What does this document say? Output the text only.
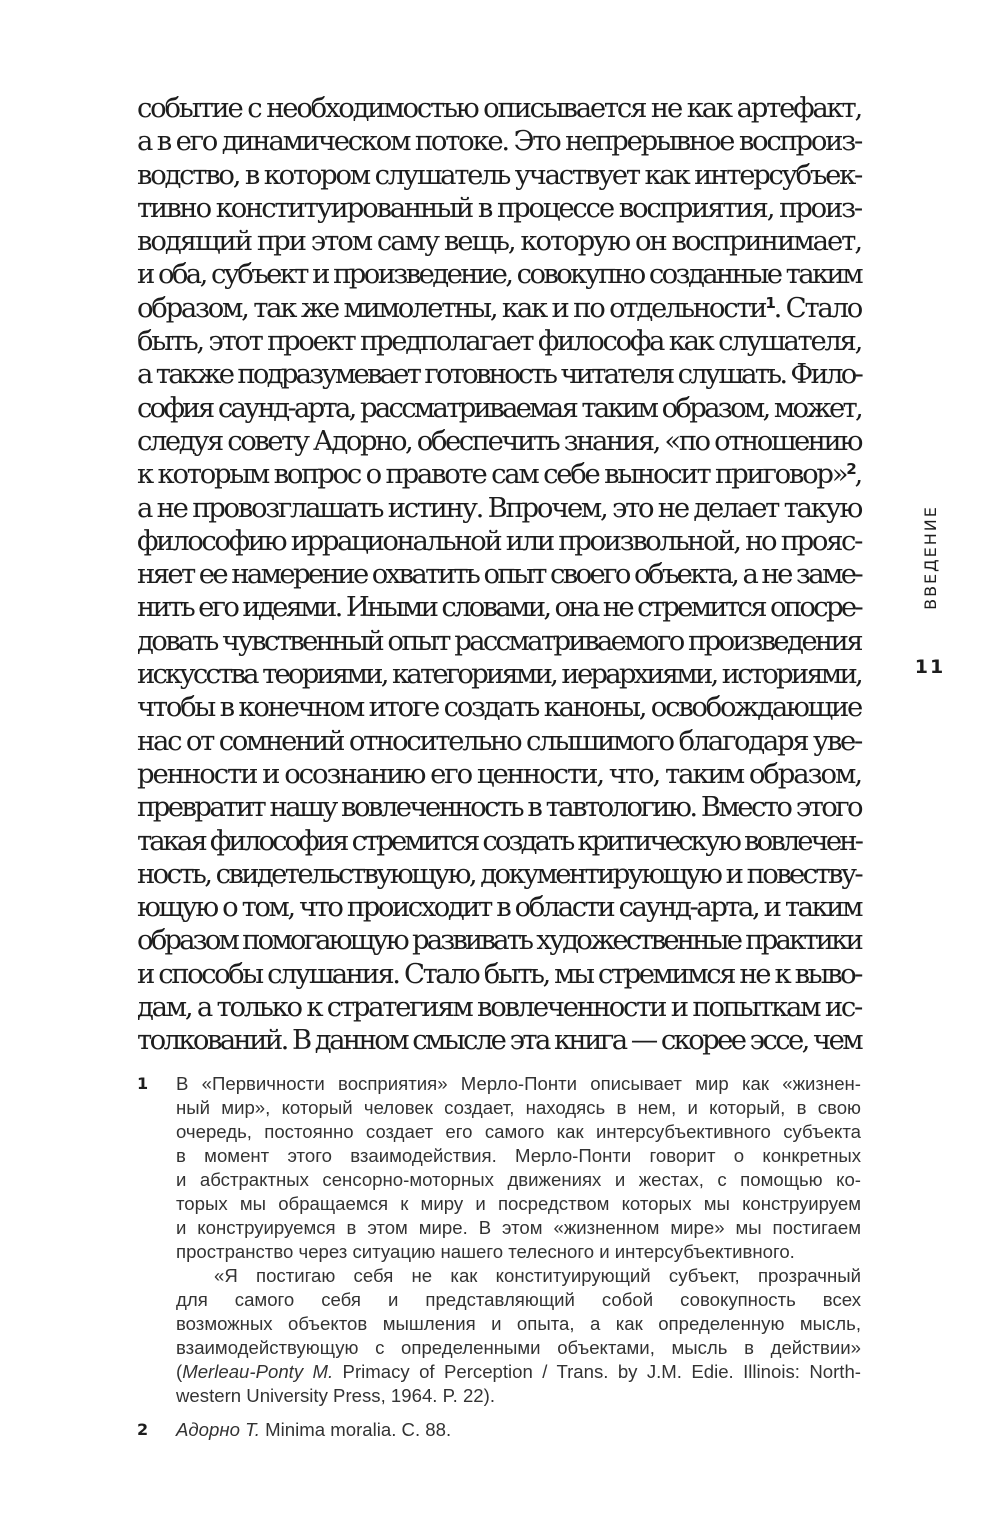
событие с необходимостью описывается не как артефакт,
а в его динамическом потоке. Это непрерывное воспроиз-
водство, в котором слушатель участвует как интерсубъек-
тивно конституированный в процессе восприятия, произ-
водящий при этом саму вещь, которую он воспринимает,
и оба, субъект и произведение, совокупно созданные таким
образом, так же мимолетны, как и по отдельности$^1$. Стало
быть, этот проект предполагает философа как слушателя,
а также подразумевает готовность читателя слушать. Фило-
софия саунд-арта, рассматриваемая таким образом, может,
следуя совету Адорно, обеспечить знания, «по отношению
к которым вопрос о правоте сам себе выносит приговор»$^2$,
а не провозглашать истину. Впрочем, это не делает такую
философию иррациональной или произвольной, но прояс-
няет ее намерение охватить опыт своего объекта, а не заме-
нить его идеями. Иными словами, она не стремится опосре-
довать чувственный опыт рассматриваемого произведения
искусства теориями, категориями, иерархиями, историями,
чтобы в конечном итоге создать каноны, освобождающие
нас от сомнений относительно слышимого благодаря уве-
ренности и осознанию его ценности, что, таким образом,
превратит нашу вовлеченность в тавтологию. Вместо этого
такая философия стремится создать критическую вовлечен-
ность, свидетельствующую, документирующую и повеству-
ющую о том, что происходит в области саунд-арта, и таким
образом помогающую развивать художественные практики
и способы слушания. Стало быть, мы стремимся не к выво-
дам, а только к стратегиям вовлеченности и попыткам ис-
толкований. В данном смысле эта книга — скорее эссе, чем
ВВЕДЕНИЕ
11
1 В «Первичности восприятия» Мерло-Понти описывает мир как «жизнен-
ный мир», который человек создает, находясь в нем, и который, в свою
очередь, постоянно создает его самого как интерсубъективного субъекта
в момент этого взаимодействия. Мерло-Понти говорит о конкретных
и абстрактных сенсорно-моторных движениях и жестах, с помощью ко-
торых мы обращаемся к миру и посредством которых мы конструируем
и конструируемся в этом мире. В этом «жизненном мире» мы постигаем
пространство через ситуацию нашего телесного и интерсубъективного.
«Я постигаю себя не как конституирующий субъект, прозрачный
для самого себя и представляющий собой совокупность всех
возможных объектов мышления и опыта, а как определенную мысль,
взаимодействующую с определенными объектами, мысль в действии»
(Merleau-Ponty M. Primacy of Perception / Trans. by J.M. Edie. Illinois: North-
western University Press, 1964. P. 22).
2 Адорно Т. Minima moralia. С. 88.
